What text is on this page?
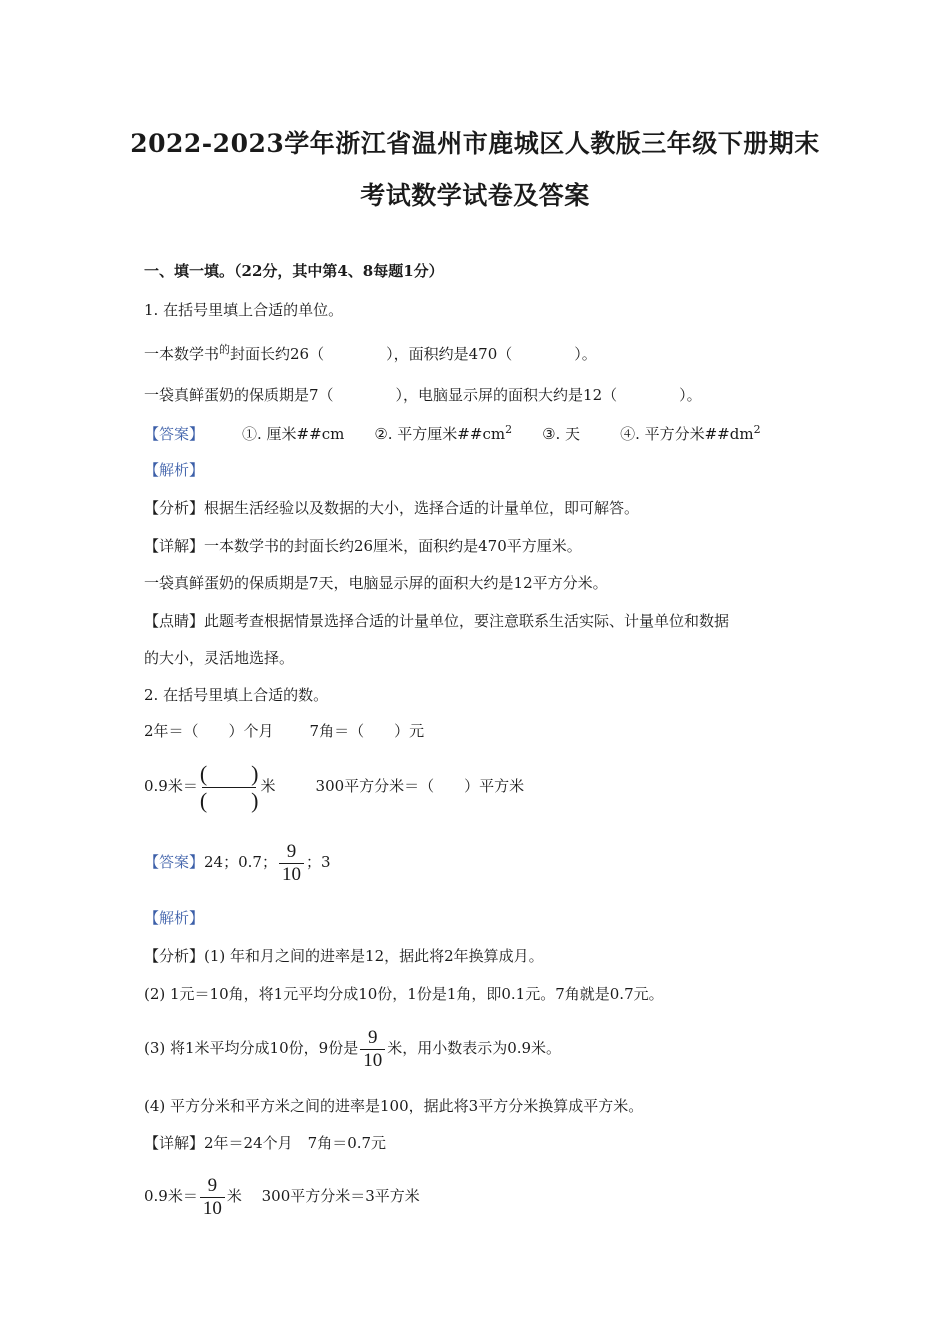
2022-2023学年浙江省温州市鹿城区人教版三年级下册期末
考试数学试卷及答案
一、填一填。（22分，其中第4、8每题1分）
1. 在括号里填上合适的单位。
一本数学书$^的$封面长约26（	），面积约是470（	）。
一袋真鲜蛋奶的保质期是7（	），电脑显示屏的面积大约是12（	）。
【答案】	①. 厘米##cm ②. 平方厘米$\#\#cm^2$ ③. 天	④. 平方分米$\#\#dm^2$
【解析】
【分析】根据生活经验以及数据的大小，选择合适的计量单位，即可解答。
【详解】一本数学书的封面长约26厘米，面积约是470平方厘米。
一袋真鲜蛋奶的保质期是7天，电脑显示屏的面积大约是12平方分米。
【点睛】此题考查根据情景选择合适的计量单位，要注意联系生活实际、计量单位和数据
的大小，灵活地选择。
2. 在括号里填上合适的数。
2年＝（　　）个月 7角＝（　　）元
0.9米＝ $\frac{( )}{( )}$ 米	300平方分米＝（　　）平方米
【答案】24；0.7； $\frac{9}{10}$ ；3
【解析】
【分析】(1) 年和月之间的进率是12，据此将2年换算成月。
(2) 1元＝10角，将1元平均分成10份，1份是1角，即0.1元。7角就是0.7元。
(3) 将1米平均分成10份，9份是 $\frac{9}{10}$ 米，用小数表示为0.9米。
(4) 平方分米和平方米之间的进率是100，据此将3平方分米换算成平方米。
【详解】2年＝24个月　7角＝0.7元
0.9米＝ $\frac{9}{10}$ 米　 300平方分米＝3平方米
